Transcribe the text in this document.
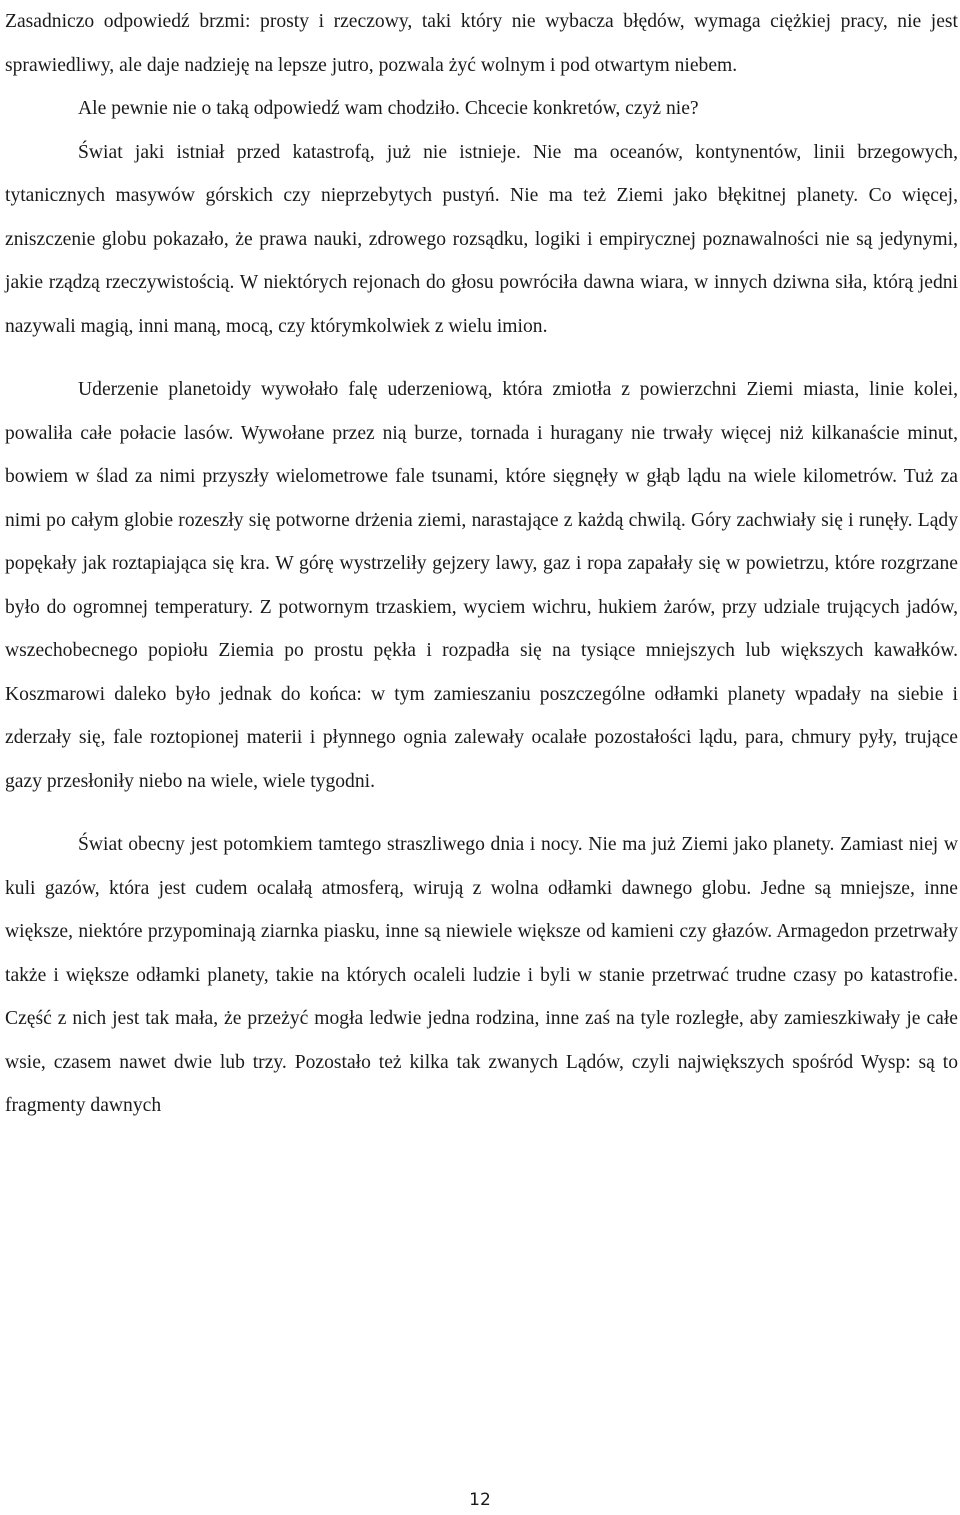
Zasadniczo odpowiedź brzmi: prosty i rzeczowy, taki który nie wybacza błędów, wymaga ciężkiej pracy, nie jest sprawiedliwy, ale daje nadzieję na lepsze jutro, pozwala żyć wolnym i pod otwartym niebem.

Ale pewnie nie o taką odpowiedź wam chodziło. Chcecie konkretów, czyż nie?

Świat jaki istniał przed katastrofą, już nie istnieje. Nie ma oceanów, kontynentów, linii brzegowych, tytanicznych masywów górskich czy nieprzebytych pustyń. Nie ma też Ziemi jako błękitnej planety. Co więcej, zniszczenie globu pokazało, że prawa nauki, zdrowego rozsądku, logiki i empirycznej poznawalności nie są jedynymi, jakie rządzą rzeczywistością. W niektórych rejonach do głosu powróciła dawna wiara, w innych dziwna siła, którą jedni nazywali magią, inni maną, mocą, czy którymkolwiek z wielu imion.

Uderzenie planetoidy wywołało falę uderzeniową, która zmiotła z powierzchni Ziemi miasta, linie kolei, powaliła całe połacie lasów. Wywołane przez nią burze, tornada i huragany nie trwały więcej niż kilkanaście minut, bowiem w ślad za nimi przyszły wielometrowe fale tsunami, które sięgnęły w głąb lądu na wiele kilometrów. Tuż za nimi po całym globie rozeszły się potworne drżenia ziemi, narastające z każdą chwilą. Góry zachwiały się i runęły. Lądy popękały jak roztapiająca się kra. W górę wystrzeliły gejzery lawy, gaz i ropa zapałały się w powietrzu, które rozgrzane było do ogromnej temperatury. Z potwornym trzaskiem, wyciem wichru, hukiem żarów, przy udziale trujących jadów, wszechobecnego popiołu Ziemia po prostu pękła i rozpadła się na tysiące mniejszych lub większych kawałków. Koszmarowi daleko było jednak do końca: w tym zamieszaniu poszczególne odłamki planety wpadały na siebie i zderzały się, fale roztopionej materii i płynnego ognia zalewały ocalałe pozostałości lądu, para, chmury pyły, trujące gazy przesłoniły niebo na wiele, wiele tygodni.

Świat obecny jest potomkiem tamtego straszliwego dnia i nocy. Nie ma już Ziemi jako planety. Zamiast niej w kuli gazów, która jest cudem ocalałą atmosferą, wirują z wolna odłamki dawnego globu. Jedne są mniejsze, inne większe, niektóre przypominają ziarnka piasku, inne są niewiele większe od kamieni czy głazów. Armagedon przetrwały także i większe odłamki planety, takie na których ocaleli ludzie i byli w stanie przetrwać trudne czasy po katastrofie. Część z nich jest tak mała, że przeżyć mogła ledwie jedna rodzina, inne zaś na tyle rozległe, aby zamieszkiwały je całe wsie, czasem nawet dwie lub trzy. Pozostało też kilka tak zwanych Lądów, czyli największych spośród Wysp: są to fragmenty dawnych

12
